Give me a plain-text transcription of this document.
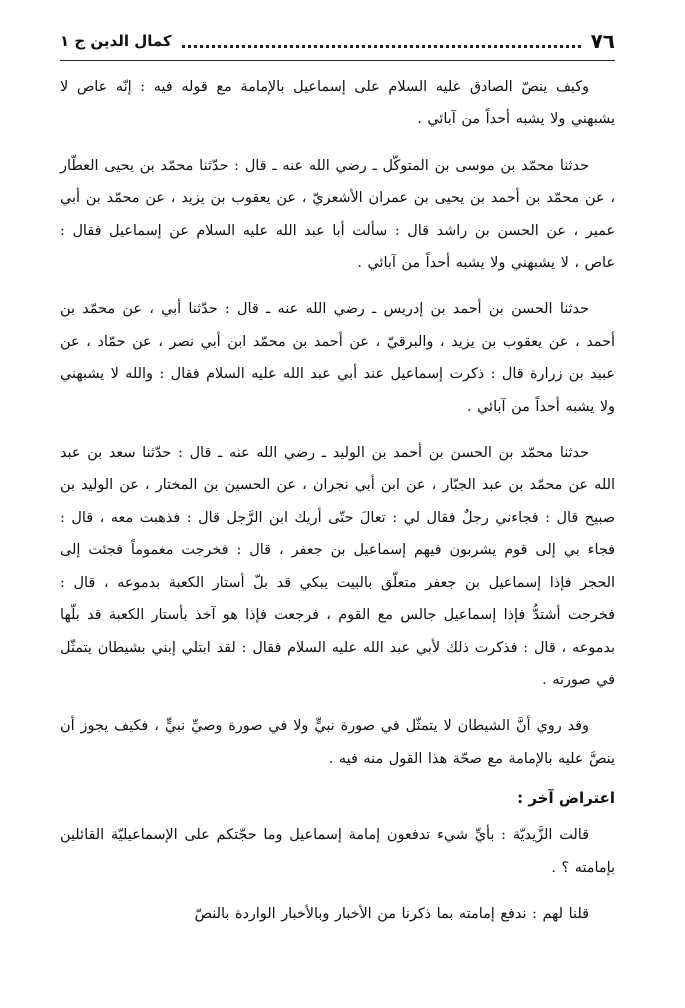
٧٦
كمال الدين ج ١

وكيف ينصّ الصادق عليه السلام على إسماعيل بالإمامة مع قوله فيه : إنّه عاص لا يشبهني ولا يشبه أحداً من آبائي .

حدثنا محمّد بن موسى بن المتوكّل ـ رضي الله عنه ـ قال : حدّثنا محمّد بن يحيى العطّار ، عن محمّد بن أحمد بن يحيى بن عمران الأشعريّ ، عن يعقوب بن يزيد ، عن محمّد بن أبي عمير ، عن الحسن بن راشد قال : سألت أبا عبد الله عليه السلام عن إسماعيل فقال : عاص ، لا يشبهني ولا يشبه أحداً من آبائي .

حدثنا الحسن بن أحمد بن إدريس ـ رضي الله عنه ـ قال : حدّثنا أبي ، عن محمّد بن أحمد ، عن يعقوب بن يزيد ، والبرقيّ ، عن أحمد بن محمّد ابن أبي نصر ، عن حمّاد ، عن عبيد بن زرارة قال : ذكرت إسماعيل عند أبي عبد الله عليه السلام فقال : والله لا يشبهني ولا يشبه أحداً من آبائي .

حدثنا محمّد بن الحسن بن أحمد بن الوليد ـ رضي الله عنه ـ قال : حدّثنا سعد بن عبد الله عن محمّد بن عبد الجبّار ، عن ابن أبي نجران ، عن الحسين بن المختار ، عن الوليد بن صبيح قال : فجاءني رجلٌ فقال لي : تعالَ حتّى أريك ابن الرَّجل قال : فذهبت معه ، قال : فجاء بي إلى قوم يشربون فيهم إسماعيل بن جعفر ، قال : فخرجت مغموماً فجئت إلى الحجر فإذا إسماعيل بن جعفر متعلّق بالبيت يبكي قد بلّ أستار الكعبة بدموعه ، قال : فخرجت أشتدُّ فإذا إسماعيل جالس مع القوم ، فرجعت فإذا هو آخذ بأستار الكعبة قد بلّها بدموعه ، قال : فذكرت ذلك لأبي عبد الله عليه السلام فقال : لقد ابتلي إبني بشيطان يتمثّل في صورته .

وقد روي أنَّ الشيطان لا يتمثّل في صورة نبيٍّ ولا في صورة وصيِّ نبيٍّ ، فكيف يجوز أن ينصَّ عليه بالإمامة مع صحّة هذا القول منه فيه .

اعتراض آخر :

قالت الزَّيديّة : بأيِّ شيء تدفعون إمامة إسماعيل وما حجّتكم على الإسماعيليّة القائلين بإمامته ؟ .

قلنا لهم : ندفع إمامته بما ذكرنا من الأخبار وبالأخبار الواردة بالنصّ
